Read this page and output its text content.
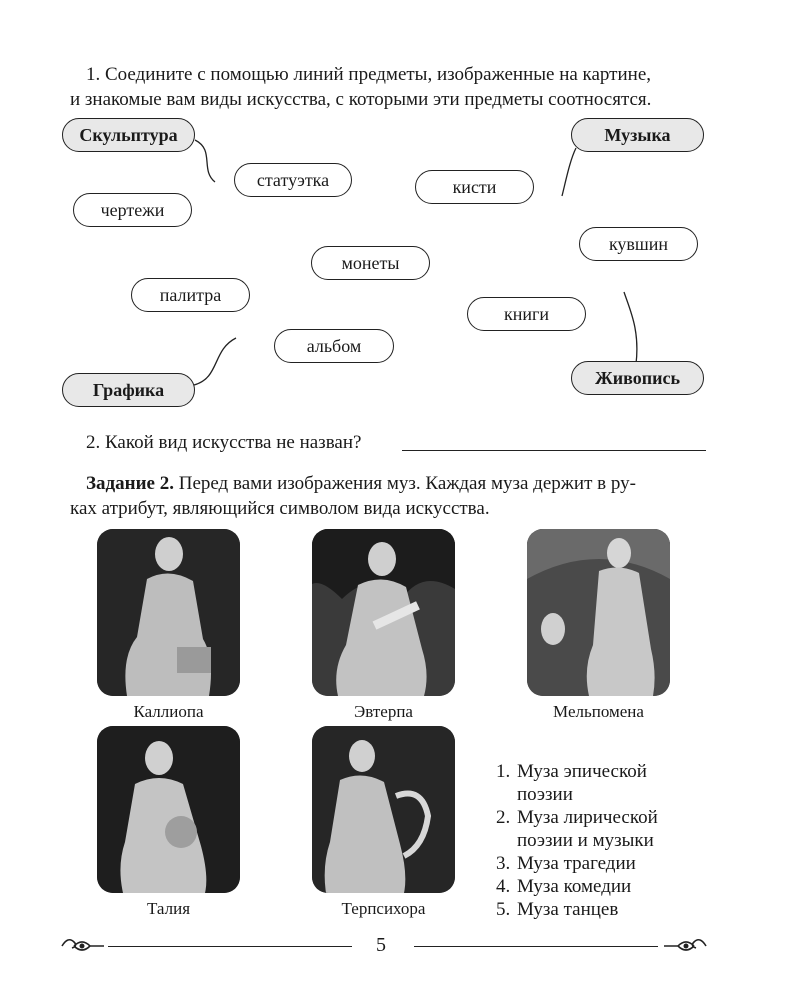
1. Соедините с помощью линий предметы, изображенные на картине,
и знакомые вам виды искусства, с которыми эти предметы соотносятся.
Скульптура	Музыка
Графика
Живопись
статуэтка	кисти
чертежи
кувшин
монеты
палитра
книги
альбом
2. Какой вид искусства не назван?
Задание 2. Перед вами изображения муз. Каждая муза держит в ру-
ках атрибут, являющийся символом вида искусства.
Каллиопа	Эвтерпа	Мельпомена
Талия	Терпсихора
1. Муза эпической
поэзии
2. Муза лирической
поэзии и музыки
3. Муза трагедии
4. Муза комедии
5. Муза танцев
5
